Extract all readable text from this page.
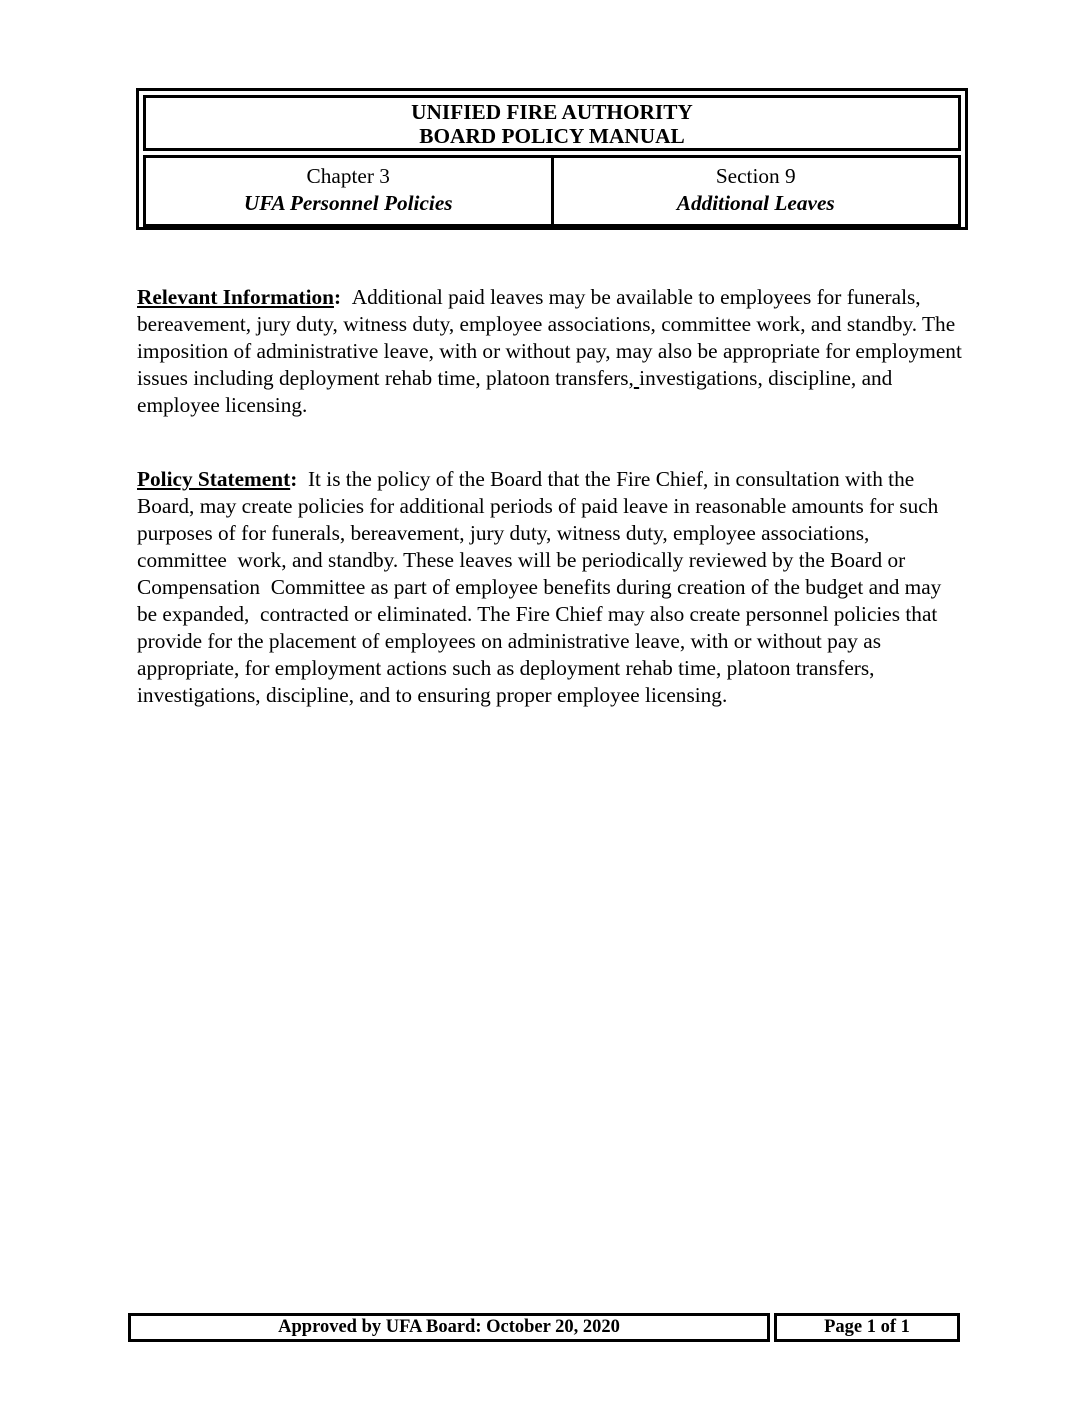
UNIFIED FIRE AUTHORITY
BOARD POLICY MANUAL
Chapter 3
UFA Personnel Policies
Section 9
Additional Leaves
Relevant Information:  Additional paid leaves may be available to employees for funerals, bereavement, jury duty, witness duty, employee associations, committee work, and standby. The imposition of administrative leave, with or without pay, may also be appropriate for employment issues including deployment rehab time, platoon transfers, investigations, discipline, and employee licensing.
Policy Statement:  It is the policy of the Board that the Fire Chief, in consultation with the Board, may create policies for additional periods of paid leave in reasonable amounts for such purposes of for funerals, bereavement, jury duty, witness duty, employee associations, committee  work, and standby. These leaves will be periodically reviewed by the Board or Compensation  Committee as part of employee benefits during creation of the budget and may be expanded,  contracted or eliminated. The Fire Chief may also create personnel policies that provide for the placement of employees on administrative leave, with or without pay as appropriate, for employment actions such as deployment rehab time, platoon transfers, investigations, discipline, and to ensuring proper employee licensing.
Approved by UFA Board: October 20, 2020	Page 1 of 1
